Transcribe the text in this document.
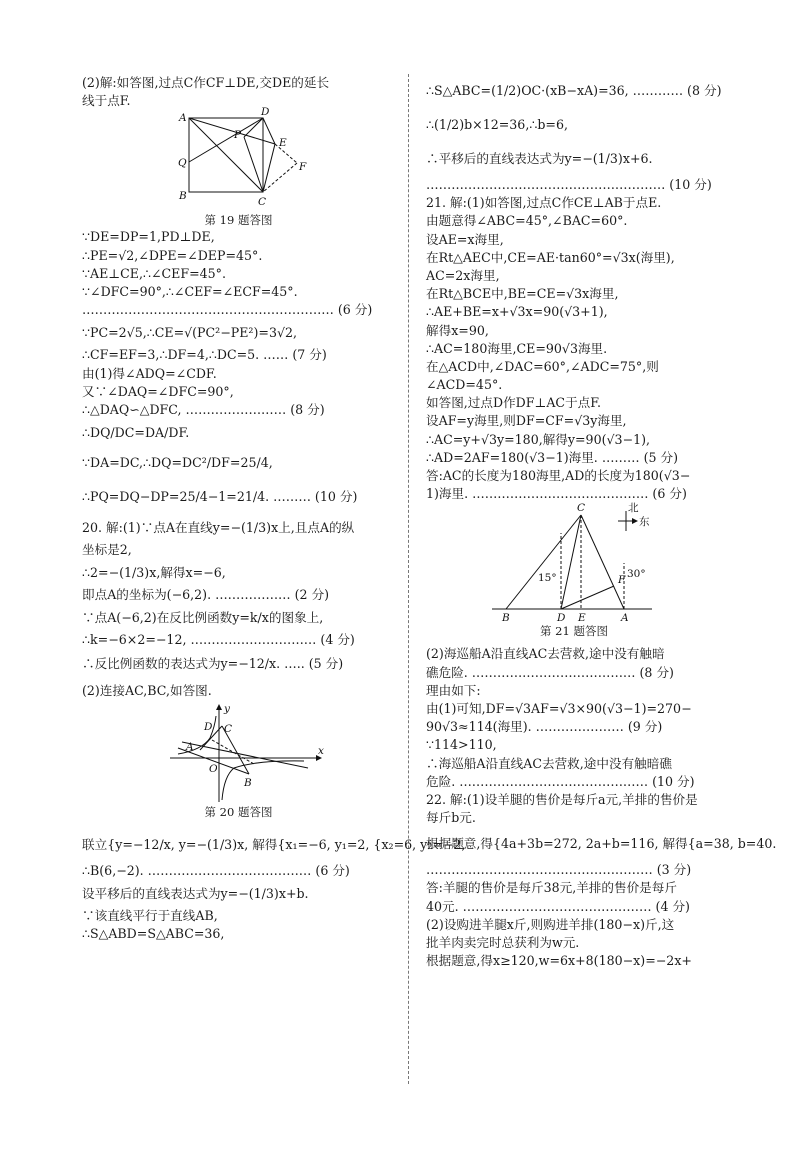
(2)解:如答图,过点C作CF⊥DE,交DE的延长
线于点F.
A	D
P
E
Q	F
B	C
第 19 题答图
∵DE=DP=1,PD⊥DE,
∴PE=√2,∠DPE=∠DEP=45°.
∵AE⊥CE,∴∠CEF=45°.
∵∠DFC=90°,∴∠CEF=∠ECF=45°.
…………………………………………………… (6 分)
∵PC=2√5,∴CE=√(PC²−PE²)=3√2,
∴CF=EF=3,∴DF=4,∴DC=5. …… (7 分)
由(1)得∠ADQ=∠CDF.
又∵∠DAQ=∠DFC=90°,
∴△DAQ∽△DFC, …………………… (8 分)
∴DQ/DC=DA/DF.
∵DA=DC,∴DQ=DC²/DF=25/4,
∴PQ=DQ−DP=25/4−1=21/4. ……… (10 分)
20. 解:(1)∵点A在直线y=−(1/3)x上,且点A的纵
坐标是2,
∴2=−(1/3)x,解得x=−6,
即点A的坐标为(−6,2). ……………… (2 分)
∵点A(−6,2)在反比例函数y=k/x的图象上,
∴k=−6×2=−12, ………………………… (4 分)
∴反比例函数的表达式为y=−12/x. ….. (5 分)
(2)连接AC,BC,如答图.
y
x
D C
A
O
B
第 20 题答图
联立{y=−12/x, y=−(1/3)x, 解得{x₁=−6, y₁=2, {x₂=6, y₂=−2,
∴B(6,−2). ………………………………… (6 分)
设平移后的直线表达式为y=−(1/3)x+b.
∵该直线平行于直线AB,
∴S△ABD=S△ABC=36,
∴S△ABC=(1/2)OC·(xB−xA)=36, ………… (8 分)
∴(1/2)b×12=36,∴b=6,
∴平移后的直线表达式为y=−(1/3)x+6.
………………………………………………… (10 分)
21. 解:(1)如答图,过点C作CE⊥AB于点E.
由题意得∠ABC=45°,∠BAC=60°.
设AE=x海里,
在Rt△AEC中,CE=AE·tan60°=√3x(海里),
AC=2x海里,
在Rt△BCE中,BE=CE=√3x海里,
∴AE+BE=x+√3x=90(√3+1),
解得x=90,
∴AC=180海里,CE=90√3海里.
在△ACD中,∠DAC=60°,∠ADC=75°,则
∠ACD=45°.
如答图,过点D作DF⊥AC于点F.
设AF=y海里,则DF=CF=√3y海里,
∴AC=y+√3y=180,解得y=90(√3−1),
∴AD=2AF=180(√3−1)海里. ……… (5 分)
答:AC的长度为180海里,AD的长度为180(√3−
1)海里. …………………………………… (6 分)
C	北
东
F 30°
15°
B	D E	A
第 21 题答图
(2)海巡船A沿直线AC去营救,途中没有触暗
礁危险. ………………………………… (8 分)
理由如下:
由(1)可知,DF=√3AF=√3×90(√3−1)=270−
90√3≈114(海里). ………………… (9 分)
∵114>110,
∴海巡船A沿直线AC去营救,途中没有触暗礁
危险. ……………………………………… (10 分)
22. 解:(1)设羊腿的售价是每斤a元,羊排的售价是
每斤b元.
根据题意,得{4a+3b=272, 2a+b=116, 解得{a=38, b=40.
……………………………………………… (3 分)
答:羊腿的售价是每斤38元,羊排的售价是每斤
40元. ……………………………………… (4 分)
(2)设购进羊腿x斤,则购进羊排(180−x)斤,这
批羊肉卖完时总获利为w元.
根据题意,得x≥120,w=6x+8(180−x)=−2x+
